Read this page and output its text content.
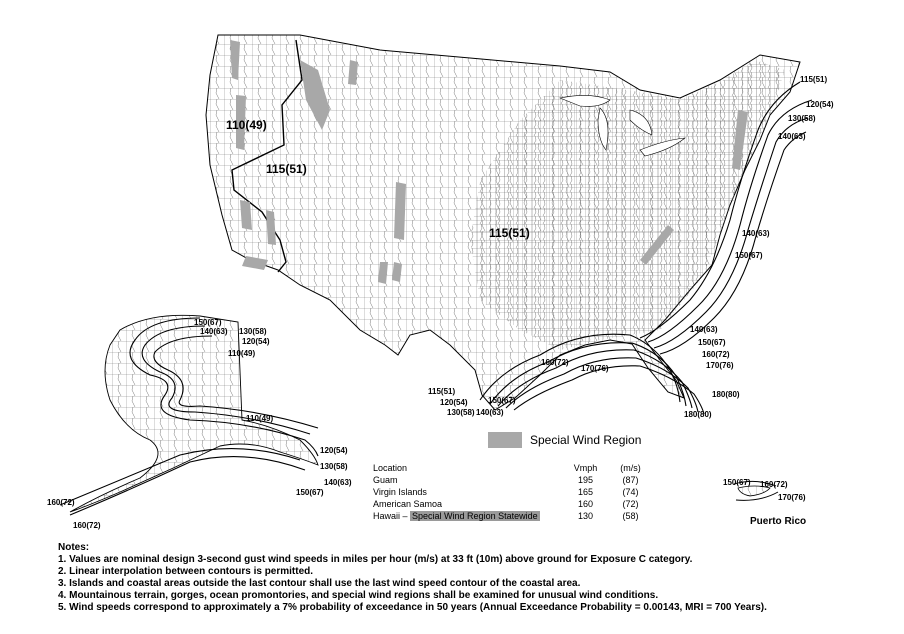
115(51)
120(54)
130(58)
140(63)
140(63)
150(67)
110(49)
115(51)
115(51)
140(63)
150(67)
160(72)
170(76)
180(80)
180(80)
160(72)
170(76)
115(51)
120(54)
130(58) 140(63)
150(67)
150(67)
140(63) 130(58)
120(54)
110(49)
110(49)
120(54)
130(58)
140(63)
150(67)
160(72)
160(72)
150(67) 160(72)
170(76)
Puerto Rico
Special Wind Region
Location	Vmph	(m/s)
Guam	195	(87)
Virgin Islands	165	(74)
American Samoa	160	(72)
Hawaii – Special Wind Region Statewide	130	(58)
Notes:
1. Values are nominal design 3-second gust wind speeds in miles per hour (m/s) at 33 ft (10m) above ground for Exposure C category.
2. Linear interpolation between contours is permitted.
3. Islands and coastal areas outside the last contour shall use the last wind speed contour of the coastal area.
4. Mountainous terrain, gorges, ocean promontories, and special wind regions shall be examined for unusual wind conditions.
5. Wind speeds correspond to approximately a 7% probability of exceedance in 50 years (Annual Exceedance Probability = 0.00143, MRI = 700 Years).
